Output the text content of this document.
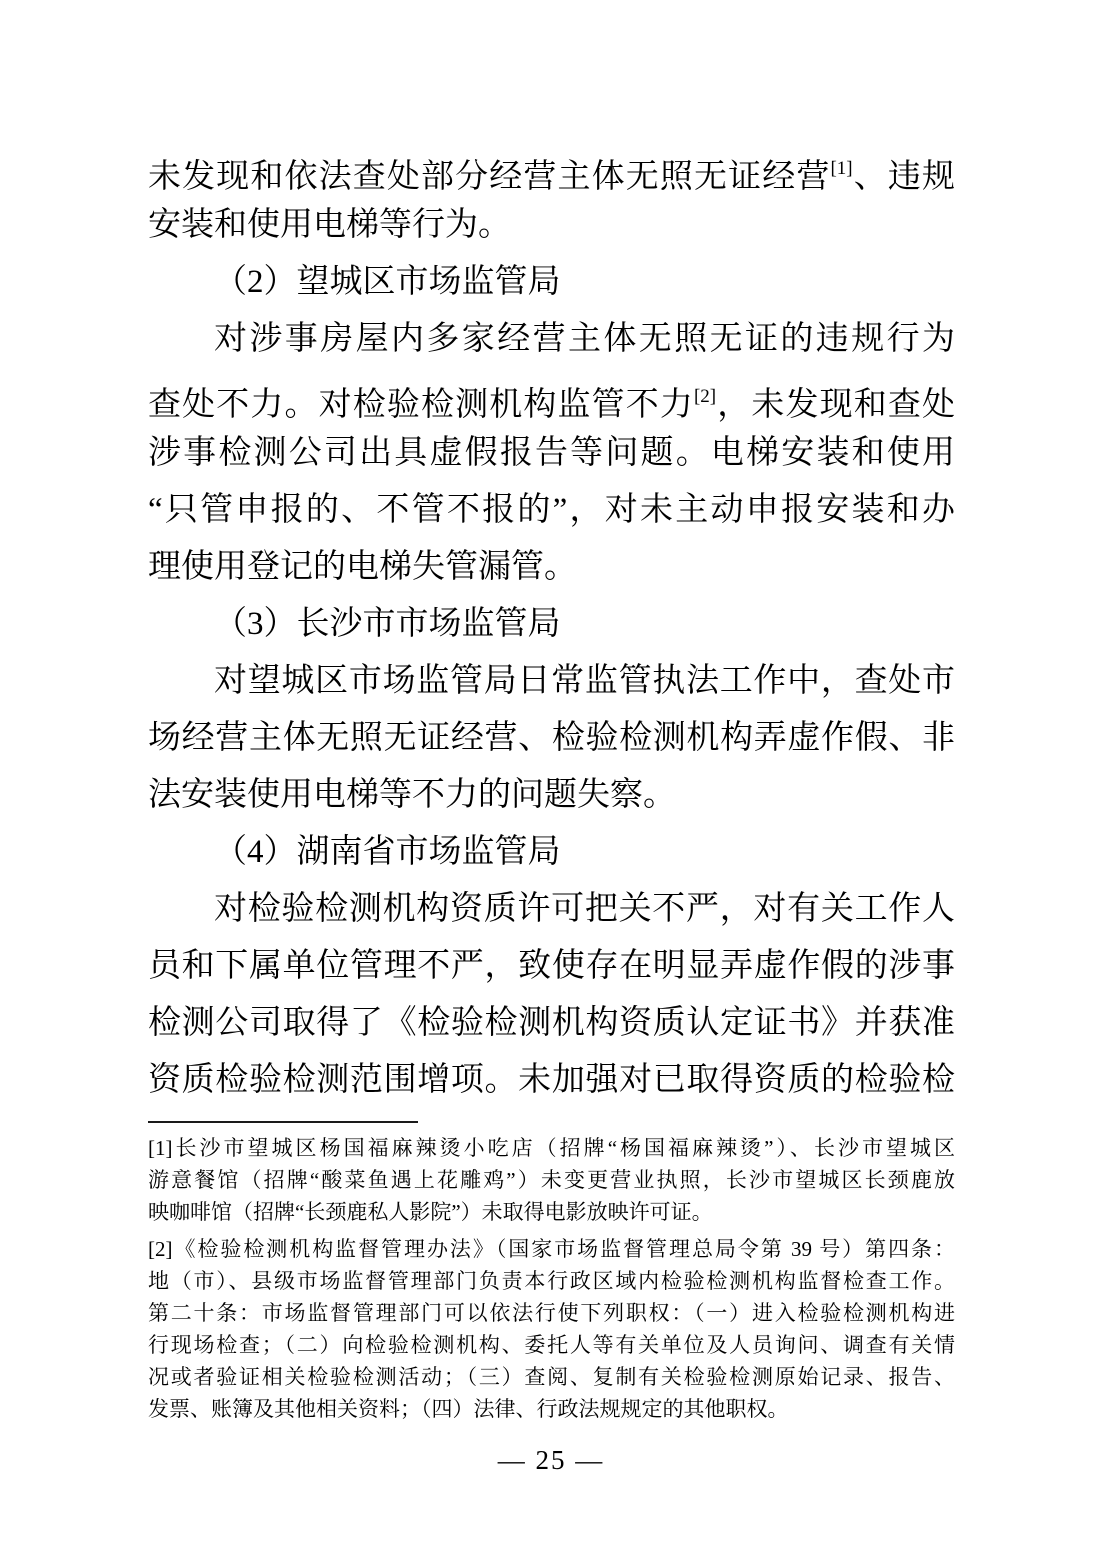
未发现和依法查处部分经营主体无照无证经营[1]、违规
安装和使用电梯等行为。
（2）望城区市场监管局
对涉事房屋内多家经营主体无照无证的违规行为
查处不力。对检验检测机构监管不力[2]，未发现和查处
涉事检测公司出具虚假报告等问题。电梯安装和使用
“只管申报的、不管不报的”，对未主动申报安装和办
理使用登记的电梯失管漏管。
（3）长沙市市场监管局
对望城区市场监管局日常监管执法工作中，查处市
场经营主体无照无证经营、检验检测机构弄虚作假、非
法安装使用电梯等不力的问题失察。
（4）湖南省市场监管局
对检验检测机构资质许可把关不严，对有关工作人
员和下属单位管理不严，致使存在明显弄虚作假的涉事
检测公司取得了《检验检测机构资质认定证书》并获准
资质检验检测范围增项。未加强对已取得资质的检验检
[1]长沙市望城区杨国福麻辣烫小吃店（招牌“杨国福麻辣烫”）、长沙市望城区
游意餐馆（招牌“酸菜鱼遇上花雕鸡”）未变更营业执照，长沙市望城区长颈鹿放
映咖啡馆（招牌“长颈鹿私人影院”）未取得电影放映许可证。
[2]《检验检测机构监督管理办法》（国家市场监督管理总局令第 39 号）第四条：
地（市）、县级市场监督管理部门负责本行政区域内检验检测机构监督检查工作。
第二十条：市场监督管理部门可以依法行使下列职权：（一）进入检验检测机构进
行现场检查；（二）向检验检测机构、委托人等有关单位及人员询问、调查有关情
况或者验证相关检验检测活动；（三）查阅、复制有关检验检测原始记录、报告、
发票、账簿及其他相关资料；（四）法律、行政法规规定的其他职权。
— 25 —
